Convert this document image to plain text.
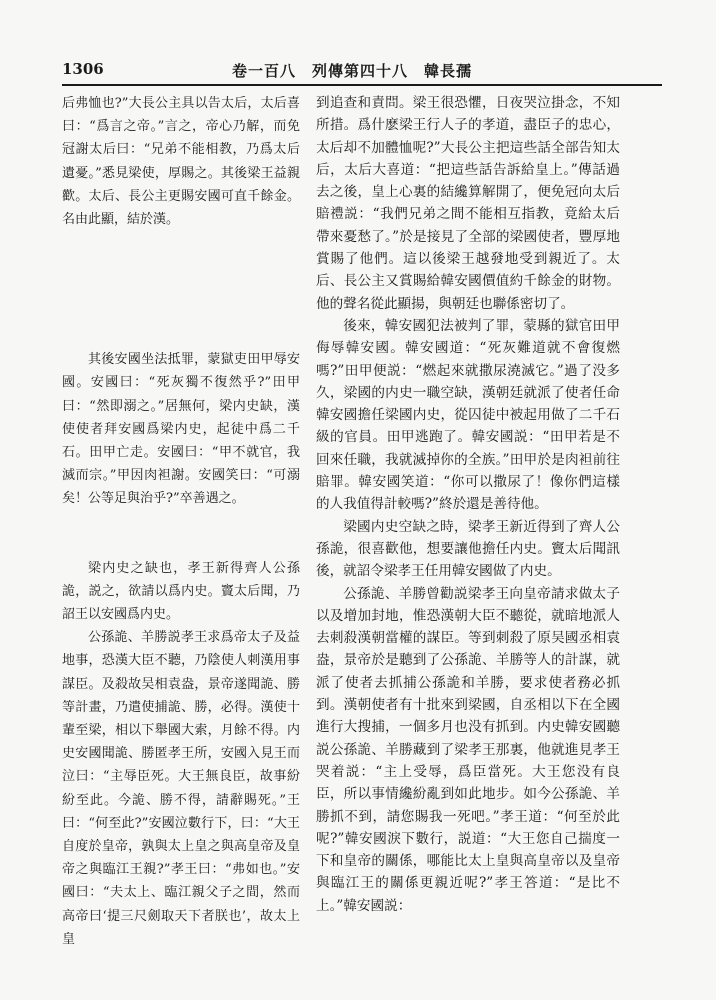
1306	卷一百八　列傳第四十八　韓長孺

后弗恤也?”大長公主具以告太后，太后喜曰：“爲言之帝。”言之，帝心乃解，而免冠謝太后曰：“兄弟不能相教，乃爲太后遺憂。”悉見梁使，厚賜之。其後梁王益親歡。太后、長公主更賜安國可直千餘金。名由此顯，結於漢。

其後安國坐法抵罪，蒙獄吏田甲辱安國。安國曰：“死灰獨不復然乎?”田甲曰：“然即溺之。”居無何，梁内史缺，漢使使者拜安國爲梁内史，起徒中爲二千石。田甲亡走。安國曰：“甲不就官，我滅而宗。”甲因肉袒謝。安國笑曰：“可溺矣！公等足與治乎?”卒善遇之。

梁内史之缺也，孝王新得齊人公孫詭，説之，欲請以爲内史。竇太后聞，乃詔王以安國爲内史。

公孫詭、羊勝説孝王求爲帝太子及益地事，恐漢大臣不聽，乃陰使人刺漢用事謀臣。及殺故吴相袁盎，景帝遂聞詭、勝等計畫，乃遣使捕詭、勝，必得。漢使十輩至梁，相以下舉國大索，月餘不得。内史安國聞詭、勝匿孝王所，安國入見王而泣曰：“主辱臣死。大王無良臣，故事紛紛至此。今詭、勝不得，請辭賜死。”王曰：“何至此?”安國泣數行下，曰：“大王自度於皇帝，孰與太上皇之與高皇帝及皇帝之與臨江王親?”孝王曰：“弗如也。”安國曰：“夫太上、臨江親父子之間，然而高帝曰‘提三尺劍取天下者朕也’，故太上皇

到追查和責問。梁王很恐懼，日夜哭泣掛念，不知所措。爲什麽梁王行人子的孝道，盡臣子的忠心，太后却不加體恤呢?”大長公主把這些話全部告知太后，太后大喜道：“把這些話告訴給皇上。”傳話過去之後，皇上心裏的結纔算解開了，便免冠向太后賠禮説：“我們兄弟之間不能相互指教，竟給太后帶來憂愁了。”於是接見了全部的梁國使者，豐厚地賞賜了他們。這以後梁王越發地受到親近了。太后、長公主又賞賜給韓安國價值約千餘金的財物。他的聲名從此顯揚，與朝廷也聯係密切了。

後來，韓安國犯法被判了罪，蒙縣的獄官田甲侮辱韓安國。韓安國道：“死灰難道就不會復燃嗎?”田甲便説：“燃起來就撒尿澆滅它。”過了没多久，梁國的内史一職空缺，漢朝廷就派了使者任命韓安國擔任梁國内史，從囚徒中被起用做了二千石級的官員。田甲逃跑了。韓安國説：“田甲若是不回來任職，我就滅掉你的全族。”田甲於是肉袒前往賠罪。韓安國笑道：“你可以撒尿了！像你們這樣的人我值得計較嗎?”終於還是善待他。

梁國内史空缺之時，梁孝王新近得到了齊人公孫詭，很喜歡他，想要讓他擔任内史。竇太后聞訊後，就詔令梁孝王任用韓安國做了内史。

公孫詭、羊勝曾勸説梁孝王向皇帝請求做太子以及增加封地，惟恐漢朝大臣不聽從，就暗地派人去刺殺漢朝當權的謀臣。等到刺殺了原吴國丞相袁盎，景帝於是聽到了公孫詭、羊勝等人的計謀，就派了使者去抓捕公孫詭和羊勝，要求使者務必抓到。漢朝使者有十批來到梁國，自丞相以下在全國進行大搜捕，一個多月也没有抓到。内史韓安國聽説公孫詭、羊勝藏到了梁孝王那裏，他就進見孝王哭着説：“主上受辱，爲臣當死。大王您没有良臣，所以事情纔紛亂到如此地步。如今公孫詭、羊勝抓不到，請您賜我一死吧。”孝王道：“何至於此呢?”韓安國淚下數行，説道：“大王您自己揣度一下和皇帝的關係，哪能比太上皇與高皇帝以及皇帝與臨江王的關係更親近呢?”孝王答道：“是比不上。”韓安國説：
